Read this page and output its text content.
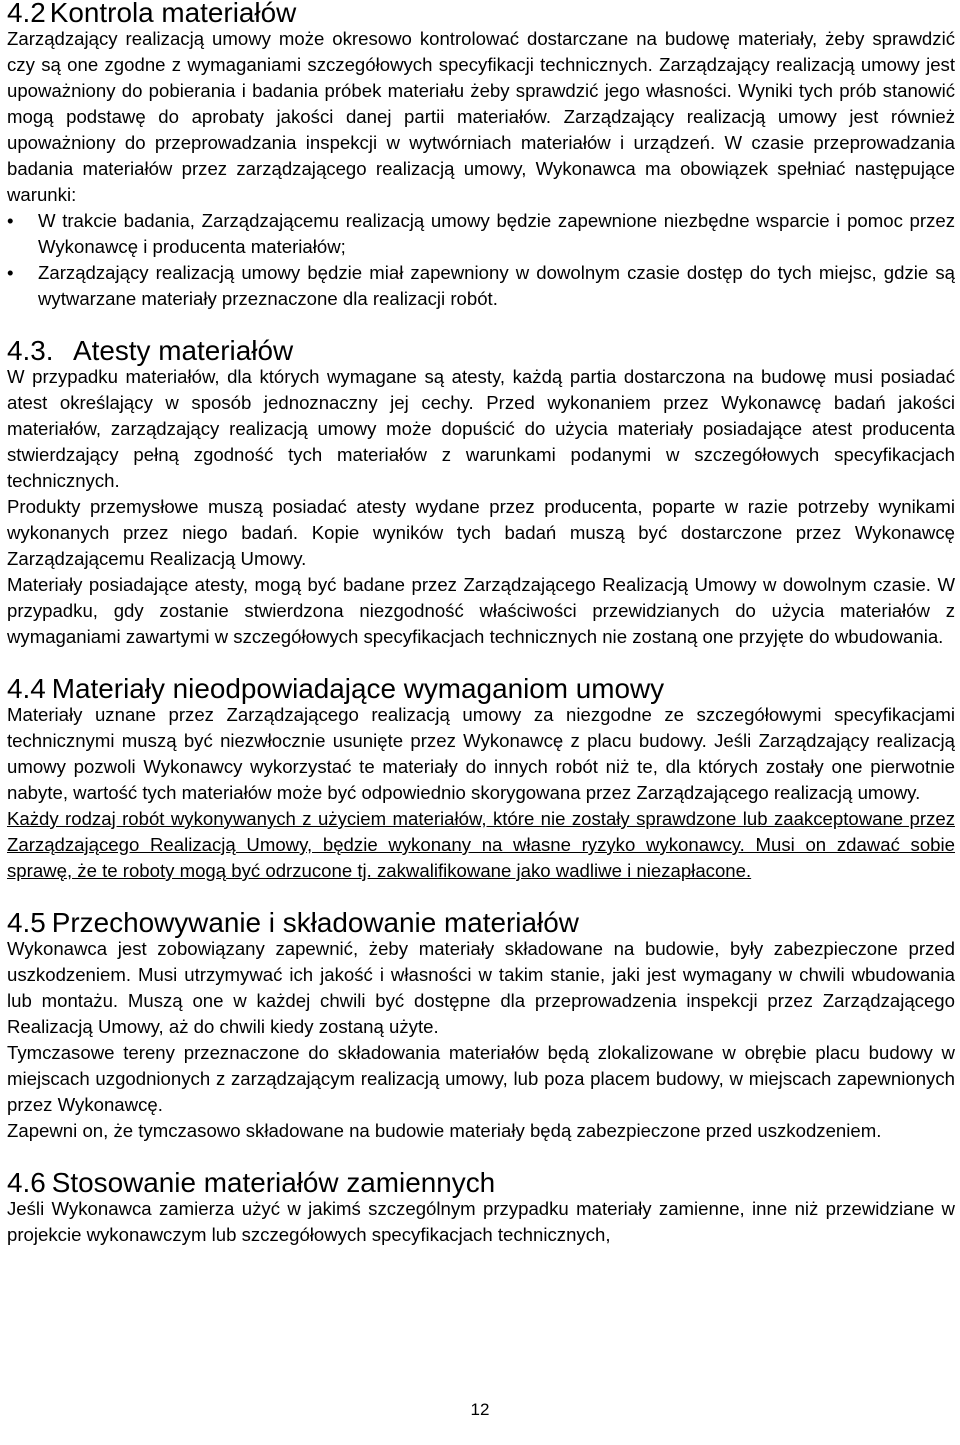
4.2 Kontrola materiałów

Zarządzający realizacją umowy może okresowo kontrolować dostarczane na budowę materiały, żeby sprawdzić czy są one zgodne z wymaganiami szczegółowych specyfikacji technicznych. Zarządzający realizacją umowy jest upoważniony do pobierania i badania próbek materiału żeby sprawdzić jego własności. Wyniki tych prób stanowić mogą podstawę do aprobaty jakości danej partii materiałów. Zarządzający realizacją umowy jest również upoważniony do przeprowadzania inspekcji w wytwórniach materiałów i urządzeń. W czasie przeprowadzania badania materiałów przez zarządzającego realizacją umowy, Wykonawca ma obowiązek spełniać następujące warunki:

• W trakcie badania, Zarządzającemu realizacją umowy będzie zapewnione niezbędne wsparcie i pomoc przez Wykonawcę i producenta materiałów;
• Zarządzający realizacją umowy będzie miał zapewniony w dowolnym czasie dostęp do tych miejsc, gdzie są wytwarzane materiały przeznaczone dla realizacji robót.
4.3. Atesty materiałów

W przypadku materiałów, dla których wymagane są atesty, każdą partia dostarczona na budowę musi posiadać atest określający w sposób jednoznaczny jej cechy. Przed wykonaniem przez Wykonawcę badań jakości materiałów, zarządzający realizacją umowy może dopuścić do użycia materiały posiadające atest producenta stwierdzający pełną zgodność tych materiałów z warunkami podanymi w szczegółowych specyfikacjach technicznych.

Produkty przemysłowe muszą posiadać atesty wydane przez producenta, poparte w razie potrzeby wynikami wykonanych przez niego badań. Kopie wyników tych badań muszą być dostarczone przez Wykonawcę Zarządzającemu Realizacją Umowy.

Materiały posiadające atesty, mogą być badane przez Zarządzającego Realizacją Umowy w dowolnym czasie. W przypadku, gdy zostanie stwierdzona niezgodność właściwości przewidzianych do użycia materiałów z wymaganiami zawartymi w szczegółowych specyfikacjach technicznych nie zostaną one przyjęte do wbudowania.

4.4 Materiały nieodpowiadające wymaganiom umowy

Materiały uznane przez Zarządzającego realizacją umowy za niezgodne ze szczegółowymi specyfikacjami technicznymi muszą być niezwłocznie usunięte przez Wykonawcę z placu budowy. Jeśli Zarządzający realizacją umowy pozwoli Wykonawcy wykorzystać te materiały do innych robót niż te, dla których zostały one pierwotnie nabyte, wartość tych materiałów może być odpowiednio skorygowana przez Zarządzającego realizacją umowy.

Każdy rodzaj robót wykonywanych z użyciem materiałów, które nie zostały sprawdzone lub zaakceptowane przez Zarządzającego Realizacją Umowy, będzie wykonany na własne ryzyko wykonawcy. Musi on zdawać sobie sprawę, że te roboty mogą być odrzucone tj. zakwalifikowane jako wadliwe i niezapłacone.

4.5 Przechowywanie i składowanie materiałów

Wykonawca jest zobowiązany zapewnić, żeby materiały składowane na budowie, były zabezpieczone przed uszkodzeniem. Musi utrzymywać ich jakość i własności w takim stanie, jaki jest wymagany w chwili wbudowania lub montażu. Muszą one w każdej chwili być dostępne dla przeprowadzenia inspekcji przez Zarządzającego Realizacją Umowy, aż do chwili kiedy zostaną użyte.

Tymczasowe tereny przeznaczone do składowania materiałów będą zlokalizowane w obrębie placu budowy w miejscach uzgodnionych z zarządzającym realizacją umowy, lub poza placem budowy, w miejscach zapewnionych przez Wykonawcę.

Zapewni on, że tymczasowo składowane na budowie materiały będą zabezpieczone przed uszkodzeniem.

4.6 Stosowanie materiałów zamiennych

Jeśli Wykonawca zamierza użyć w jakimś szczególnym przypadku materiały zamienne, inne niż przewidziane w projekcie wykonawczym lub szczegółowych specyfikacjach technicznych,

12
